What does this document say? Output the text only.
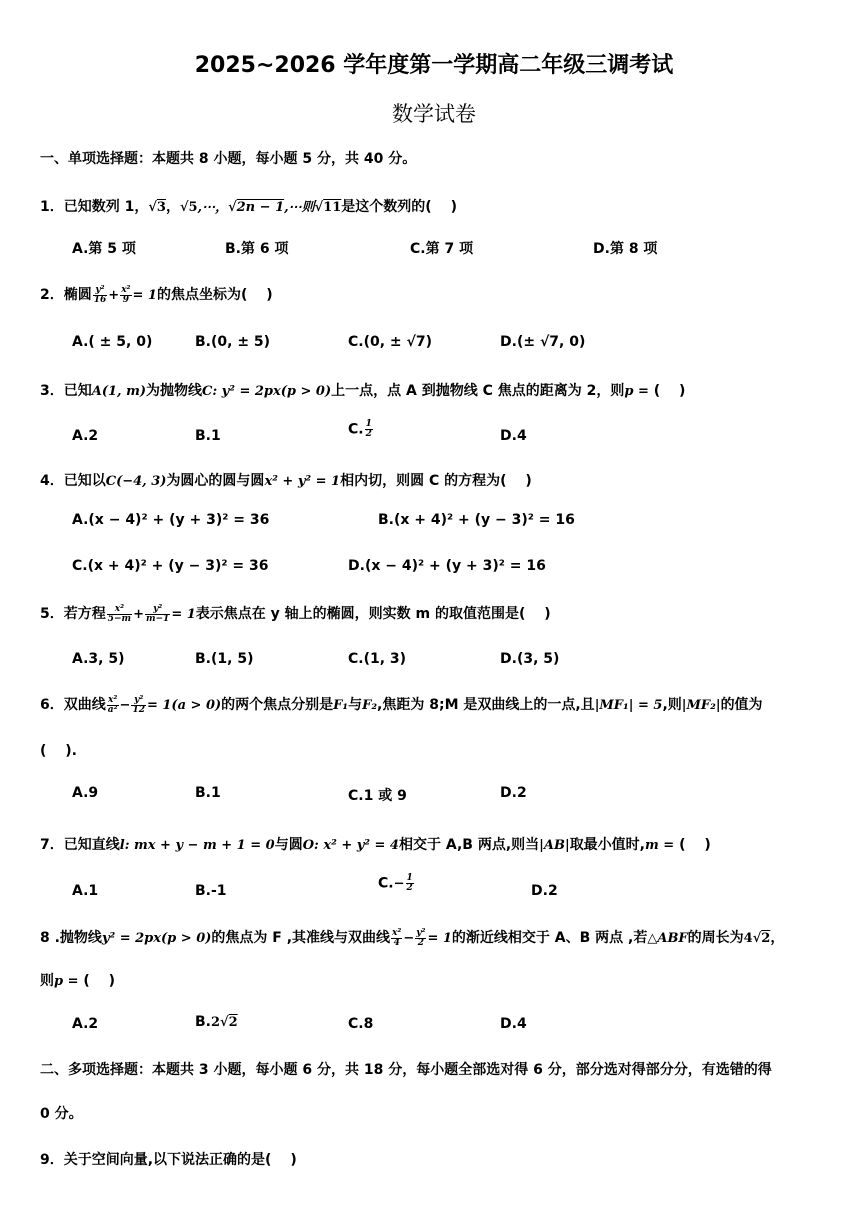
2025~2026 学年度第一学期高二年级三调考试
数学试卷
一、单项选择题：本题共 8 小题，每小题 5 分，共 40 分。
1．已知数列 1，√3，√5,⋯，√2n − 1,⋯则√11是这个数列的(　 )
A.第 5 项	B.第 6 项	C.第 7 项	D.第 8 项
2．椭圆 $\frac{\text{y²}}{16} + \frac{\text{x²}}{9} = 1$的焦点坐标为(　 )
A.( ± 5, 0)	B.(0, ± 5)	C.(0, ± √7)	D.(± √7, 0)
3．已知A(1, m)为抛物线C: y² = 2px(p > 0)上一点，点 A 到抛物线 C 焦点的距离为 2，则p = (　 )
A.2	B.1	C. $\frac{1}{2}$	D.4
4．已知以C(−4, 3)为圆心的圆与圆x² + y² = 1相内切，则圆 C 的方程为(　 )
A.(x − 4)² + (y + 3)² = 36	B.(x + 4)² + (y − 3)² = 16
C.(x + 4)² + (y − 3)² = 36	D.(x − 4)² + (y + 3)² = 16
5．若方程 $\frac{\text{x²}}{5-m} + \frac{\text{y²}}{m-1} = 1$表示焦点在 y 轴上的椭圆，则实数 m 的取值范围是(　 )
A.3, 5)	B.(1, 5)	C.(1, 3)	D.(3, 5)
6．双曲线 $\frac{\text{x²}}{\text{a²}} - \frac{\text{y²}}{12} = 1(a > 0)$的两个焦点分别是F₁与F₂,焦距为 8;M 是双曲线上的一点,且|MF₁| = 5,则|MF₂|的值为
(　 ).
A.9	B.1	C.1 或 9	D.2
7．已知直线l: mx + y − m + 1 = 0与圆O: x² + y² = 4相交于 A,B 两点,则当|AB|取最小值时,m = (　 )
A.1	B.-1	$C.- \frac{1}{2}$	D.2
8 .抛物线y² = 2px(p > 0)的焦点为 F ,其准线与双曲线 $\frac{\text{x²}}{4} - \frac{\text{y²}}{2} = 1$的渐近线相交于 A、B 两点 ,若△ABF的周长为4√2，
则p = (　 )
A.2	B.2√2	C.8	D.4
二、多项选择题：本题共 3 小题，每小题 6 分，共 18 分，每小题全部选对得 6 分，部分选对得部分分，有选错的得
0 分。
9．关于空间向量,以下说法正确的是(　 )
